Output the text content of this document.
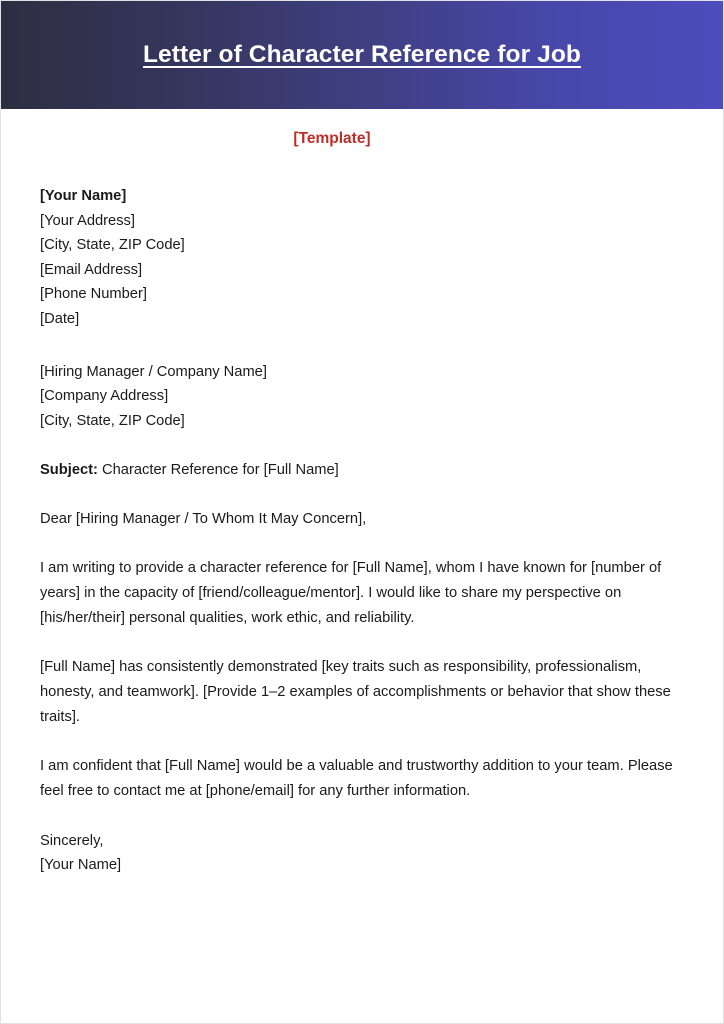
Letter of Character Reference for Job
[Template]
[Your Name]
[Your Address]
[City, State, ZIP Code]
[Email Address]
[Phone Number]
[Date]
[Hiring Manager / Company Name]
[Company Address]
[City, State, ZIP Code]
Subject: Character Reference for [Full Name]
Dear [Hiring Manager / To Whom It May Concern],

I am writing to provide a character reference for [Full Name], whom I have known for [number of years] in the capacity of [friend/colleague/mentor]. I would like to share my perspective on [his/her/their] personal qualities, work ethic, and reliability.

[Full Name] has consistently demonstrated [key traits such as responsibility, professionalism, honesty, and teamwork]. [Provide 1–2 examples of accomplishments or behavior that show these traits].

I am confident that [Full Name] would be a valuable and trustworthy addition to your team. Please feel free to contact me at [phone/email] for any further information.

Sincerely,
[Your Name]
